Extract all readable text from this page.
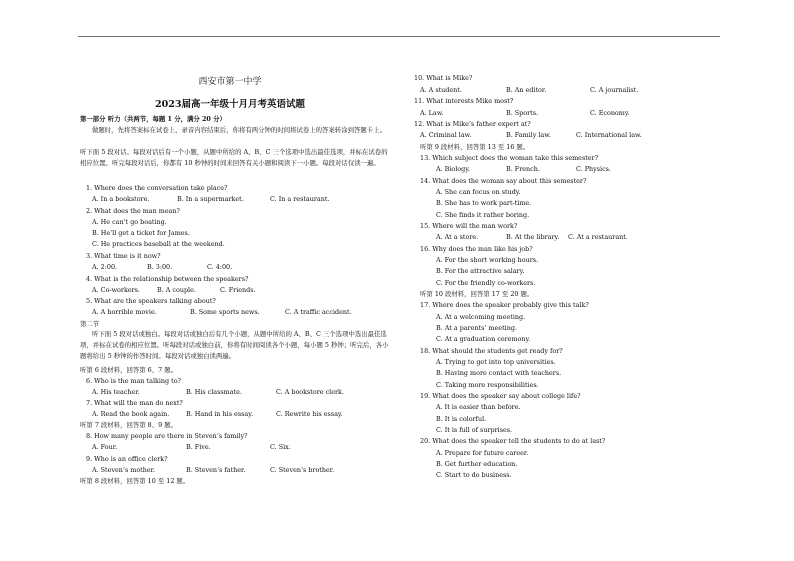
西安市第一中学
2023届高一年级十月月考英语试题
第一部分 听力（共两节，每题 1 分，满分 20 分）
做题时，先将答案标在试卷上，录音内容结束后，你将有两分钟的时间将试卷上的答案转涂到答题卡上。
听下面 5 段对话。每段对话后有一个小题，从题中所给的 A、B、C 三个选项中选出最佳选项，并标在试卷的相应位置。听完每段对话后，你都有 10 秒钟的时间来回答有关小题和阅读下一小题。每段对话仅读一遍。
1. Where does the conversation take place?
A. In a bookstore.	B. In a supermarket.	C. In a restaurant.
2. What does the man mean?
A. He can’t go boating.
B. He’ll get a ticket for James.
C. He practices baseball at the weekend.
3. What time is it now?
A. 2:00.	B. 3:00.	C. 4:00.
4. What is the relationship between the speakers?
A. Co-workers.	B. A couple.	C. Friends.
5. What are the speakers talking about?
A. A horrible movie.	B. Some sports news.	C. A traffic accident.
第二节
听下面 5 段对话或独白。每段对话或独白后有几个小题，从题中所给的 A、B、C 三个选项中选出最佳选项，并标在试卷的相应位置。听每段对话或独白前，你将有时间阅读各个小题，每小题 5 秒钟；听完后，各小题将给出 5 秒钟的作答时间。每段对话或独白读两遍。
听第 6 段材料，回答第 6、7 题。
6. Who is the man talking to?
A. His teacher.	B. His classmate.	C. A bookstore clerk.
7. What will the man do next?
A. Read the book again.	B. Hand in his essay.	C. Rewrite his essay.
听第 7 段材料，回答第 8、9 题。
8. How many people are there in Steven’s family?
A. Four.	B. Five.	C. Six.
9. Who is an office clerk?
A. Steven’s mother.	B. Steven’s father.	C. Steven’s brother.
听第 8 段材料，回答第 10 至 12 题。
10. What is Mike?
A. A student.	B. An editor.	C. A journalist.
11. What interests Mike most?
A. Law.	B. Sports.	C. Economy.
12. What is Mike’s father expert at?
A. Criminal law.	B. Family law.	C. International law.
听第 9 段材料，回答第 13 至 16 题。
13. Which subject does the woman take this semester?
A. Biology.	B. French.	C. Physics.
14. What does the woman say about this semester?
A. She can focus on study.
B. She has to work part-time.
C. She finds it rather boring.
15. Where will the man work?
A. At a store.	B. At the library. C. At a restaurant.
16. Why does the man like his job?
A. For the short working hours.
B. For the attractive salary.
C. For the friendly co-workers.
听第 10 段材料，回答第 17 至 20 题。
17. Where does the speaker probably give this talk?
A. At a welcoming meeting.
B. At a parents’ meeting.
C. At a graduation ceremony.
18. What should the students get ready for?
A. Trying to get into top universities.
B. Having more contact with teachers.
C. Taking more responsibilities.
19. What does the speaker say about college life?
A. It is easier than before.
B. It is colorful.
C. It is full of surprises.
20. What does the speaker tell the students to do at last?
A. Prepare for future career.
B. Get further education.
C. Start to do business.
